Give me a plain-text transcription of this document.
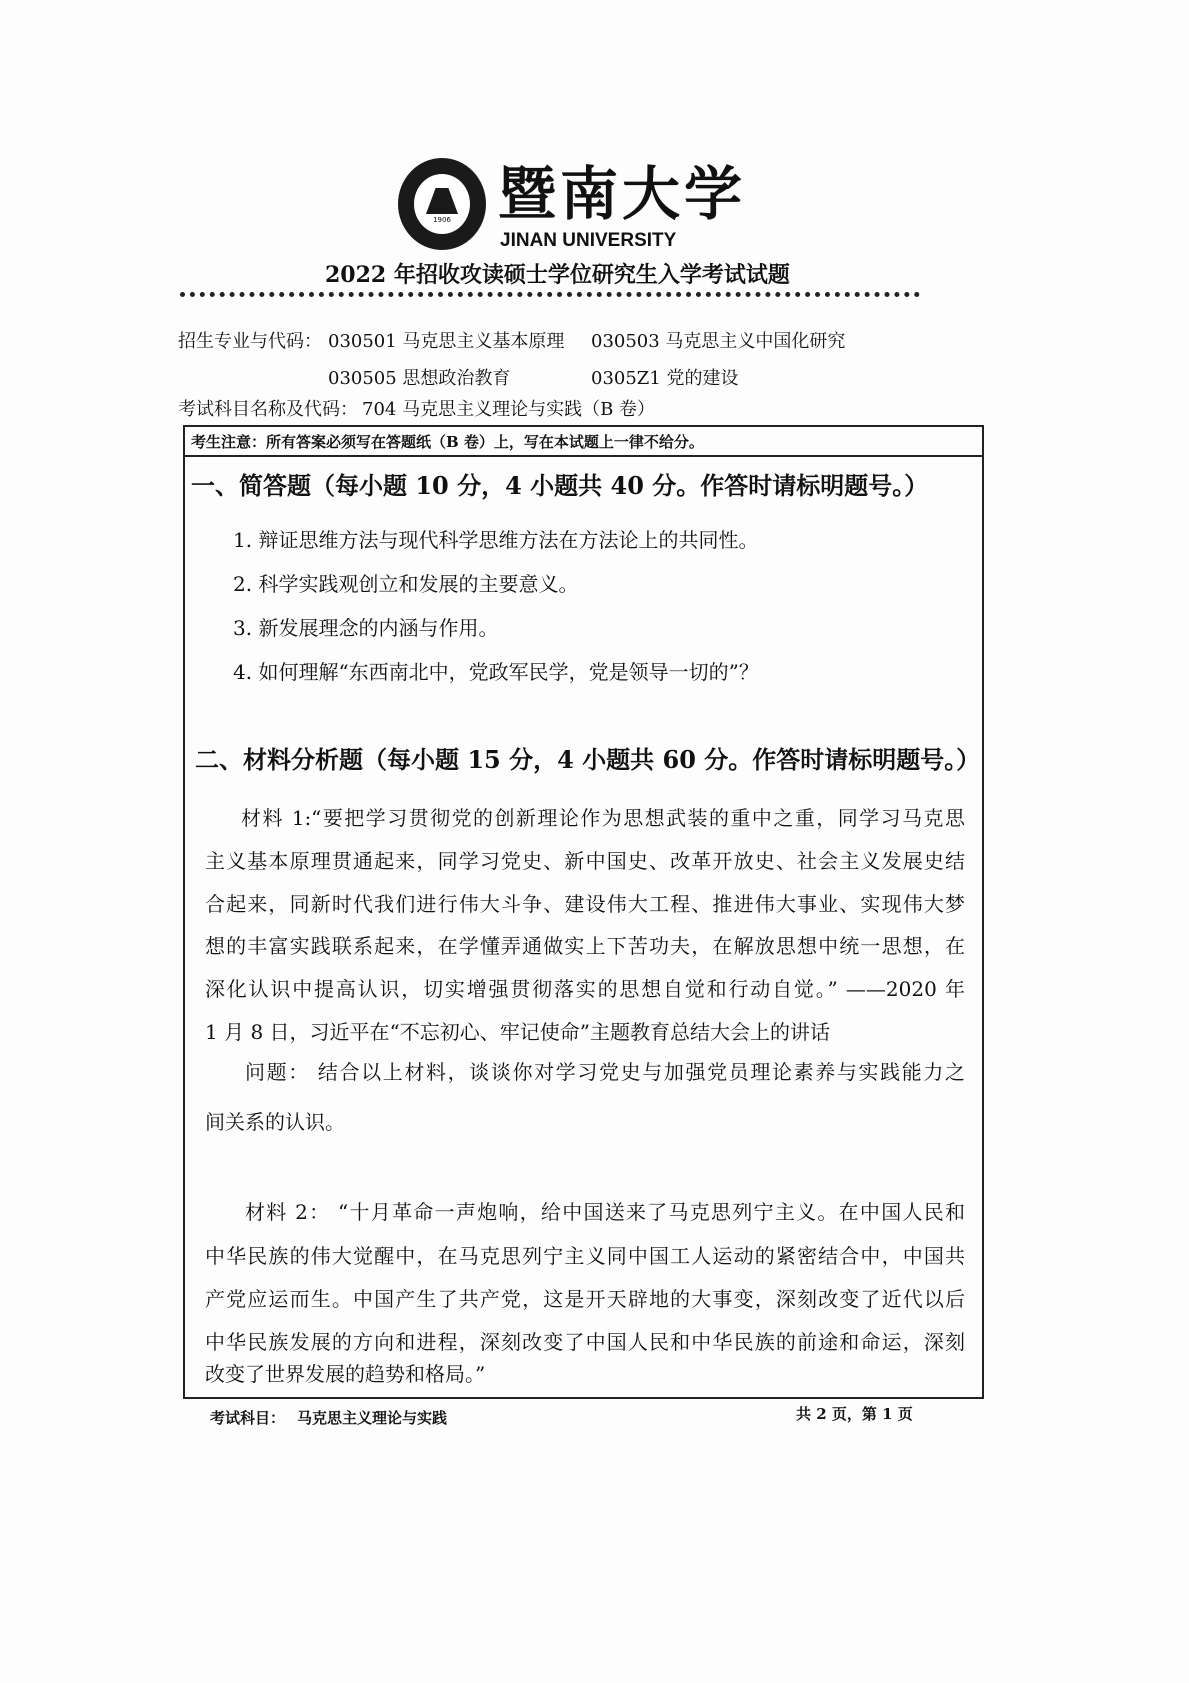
1906 暨南大学
JINAN UNIVERSITY
2022 年招收攻读硕士学位研究生入学考试试题
招生专业与代码： 030501 马克思主义基本原理	030503 马克思主义中国化研究
030505 思想政治教育	0305Z1 党的建设
考试科目名称及代码： 704 马克思主义理论与实践（B 卷）
考生注意：所有答案必须写在答题纸（B 卷）上，写在本试题上一律不给分。
一、简答题（每小题 10 分，4 小题共 40 分。作答时请标明题号。）
1. 辩证思维方法与现代科学思维方法在方法论上的共同性。
2. 科学实践观创立和发展的主要意义。
3. 新发展理念的内涵与作用。
4. 如何理解“东西南北中，党政军民学，党是领导一切的”？
二、材料分析题（每小题 15 分，4 小题共 60 分。作答时请标明题号。）
材料 1:“要把学习贯彻党的创新理论作为思想武装的重中之重，同学习马克思
主义基本原理贯通起来，同学习党史、新中国史、改革开放史、社会主义发展史结
合起来，同新时代我们进行伟大斗争、建设伟大工程、推进伟大事业、实现伟大梦
想的丰富实践联系起来，在学懂弄通做实上下苦功夫，在解放思想中统一思想，在
深化认识中提高认识，切实增强贯彻落实的思想自觉和行动自觉。” ——2020 年
1 月 8 日，习近平在“不忘初心、牢记使命”主题教育总结大会上的讲话
问题： 结合以上材料，谈谈你对学习党史与加强党员理论素养与实践能力之
间关系的认识。
材料 2： “十月革命一声炮响，给中国送来了马克思列宁主义。在中国人民和
中华民族的伟大觉醒中，在马克思列宁主义同中国工人运动的紧密结合中，中国共
产党应运而生。中国产生了共产党，这是开天辟地的大事变，深刻改变了近代以后
中华民族发展的方向和进程，深刻改变了中国人民和中华民族的前途和命运，深刻
改变了世界发展的趋势和格局。”
考试科目： 马克思主义理论与实践	共 2 页，第 1 页
